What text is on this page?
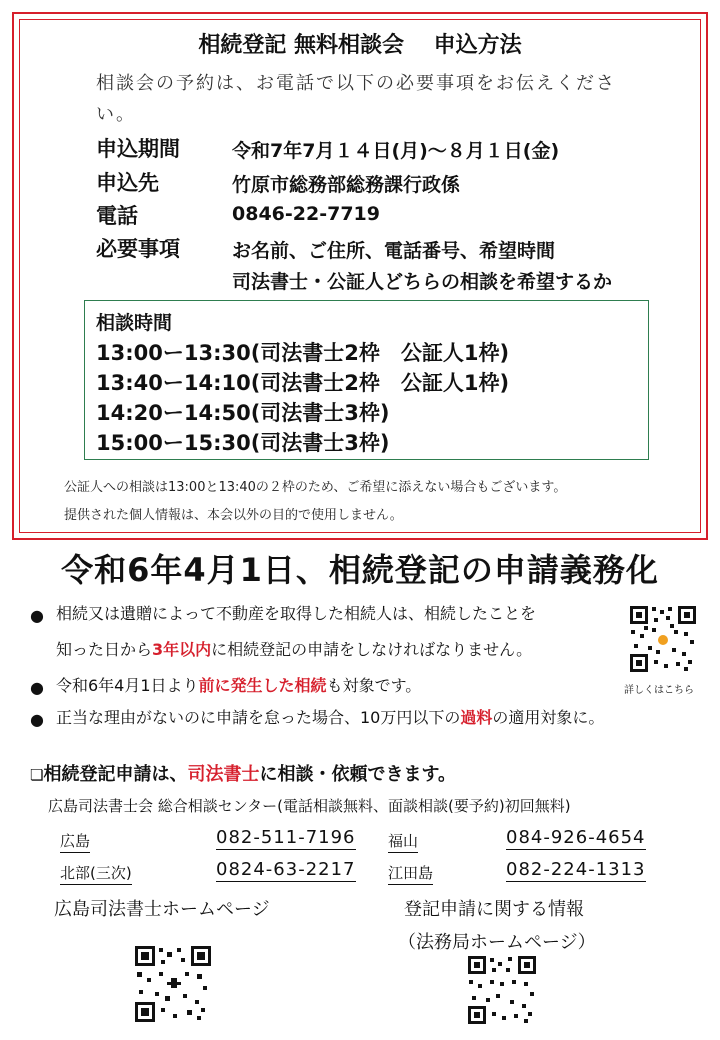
相続登記 無料相談会　 申込方法
相談会の予約は、お電話で以下の必要事項をお伝えください。
申込期間	令和7年7月１４日(月)～８月１日(金)
申込先	竹原市総務部総務課行政係
電話	0846-22-7719
必要事項	お名前、ご住所、電話番号、希望時間
司法書士・公証人どちらの相談を希望するか
相談時間
13:00ー13:30(司法書士2枠　公証人1枠)
13:40ー14:10(司法書士2枠　公証人1枠)
14:20ー14:50(司法書士3枠)
15:00ー15:30(司法書士3枠)
公証人への相談は13:00と13:40の２枠のため、ご希望に添えない場合もございます。
提供された個人情報は、本会以外の目的で使用しません。
令和6年4月1日、相続登記の申請義務化
● 相続又は遺贈によって不動産を取得した相続人は、相続したことを
知った日から3年以内に相続登記の申請をしなければなりません。
● 令和6年4月1日より前に発生した相続も対象です。
● 正当な理由がないのに申請を怠った場合、10万円以下の過料の適用対象に。
詳しくはこちら
❏相続登記申請は、司法書士に相談・依頼できます。
広島司法書士会 総合相談センター(電話相談無料、面談相談(要予約)初回無料)
広島	082-511-7196 福山	084-926-4654
北部(三次)	0824-63-2217 江田島	082-224-1313
広島司法書士ホームページ	登記申請に関する情報
（法務局ホームページ）
